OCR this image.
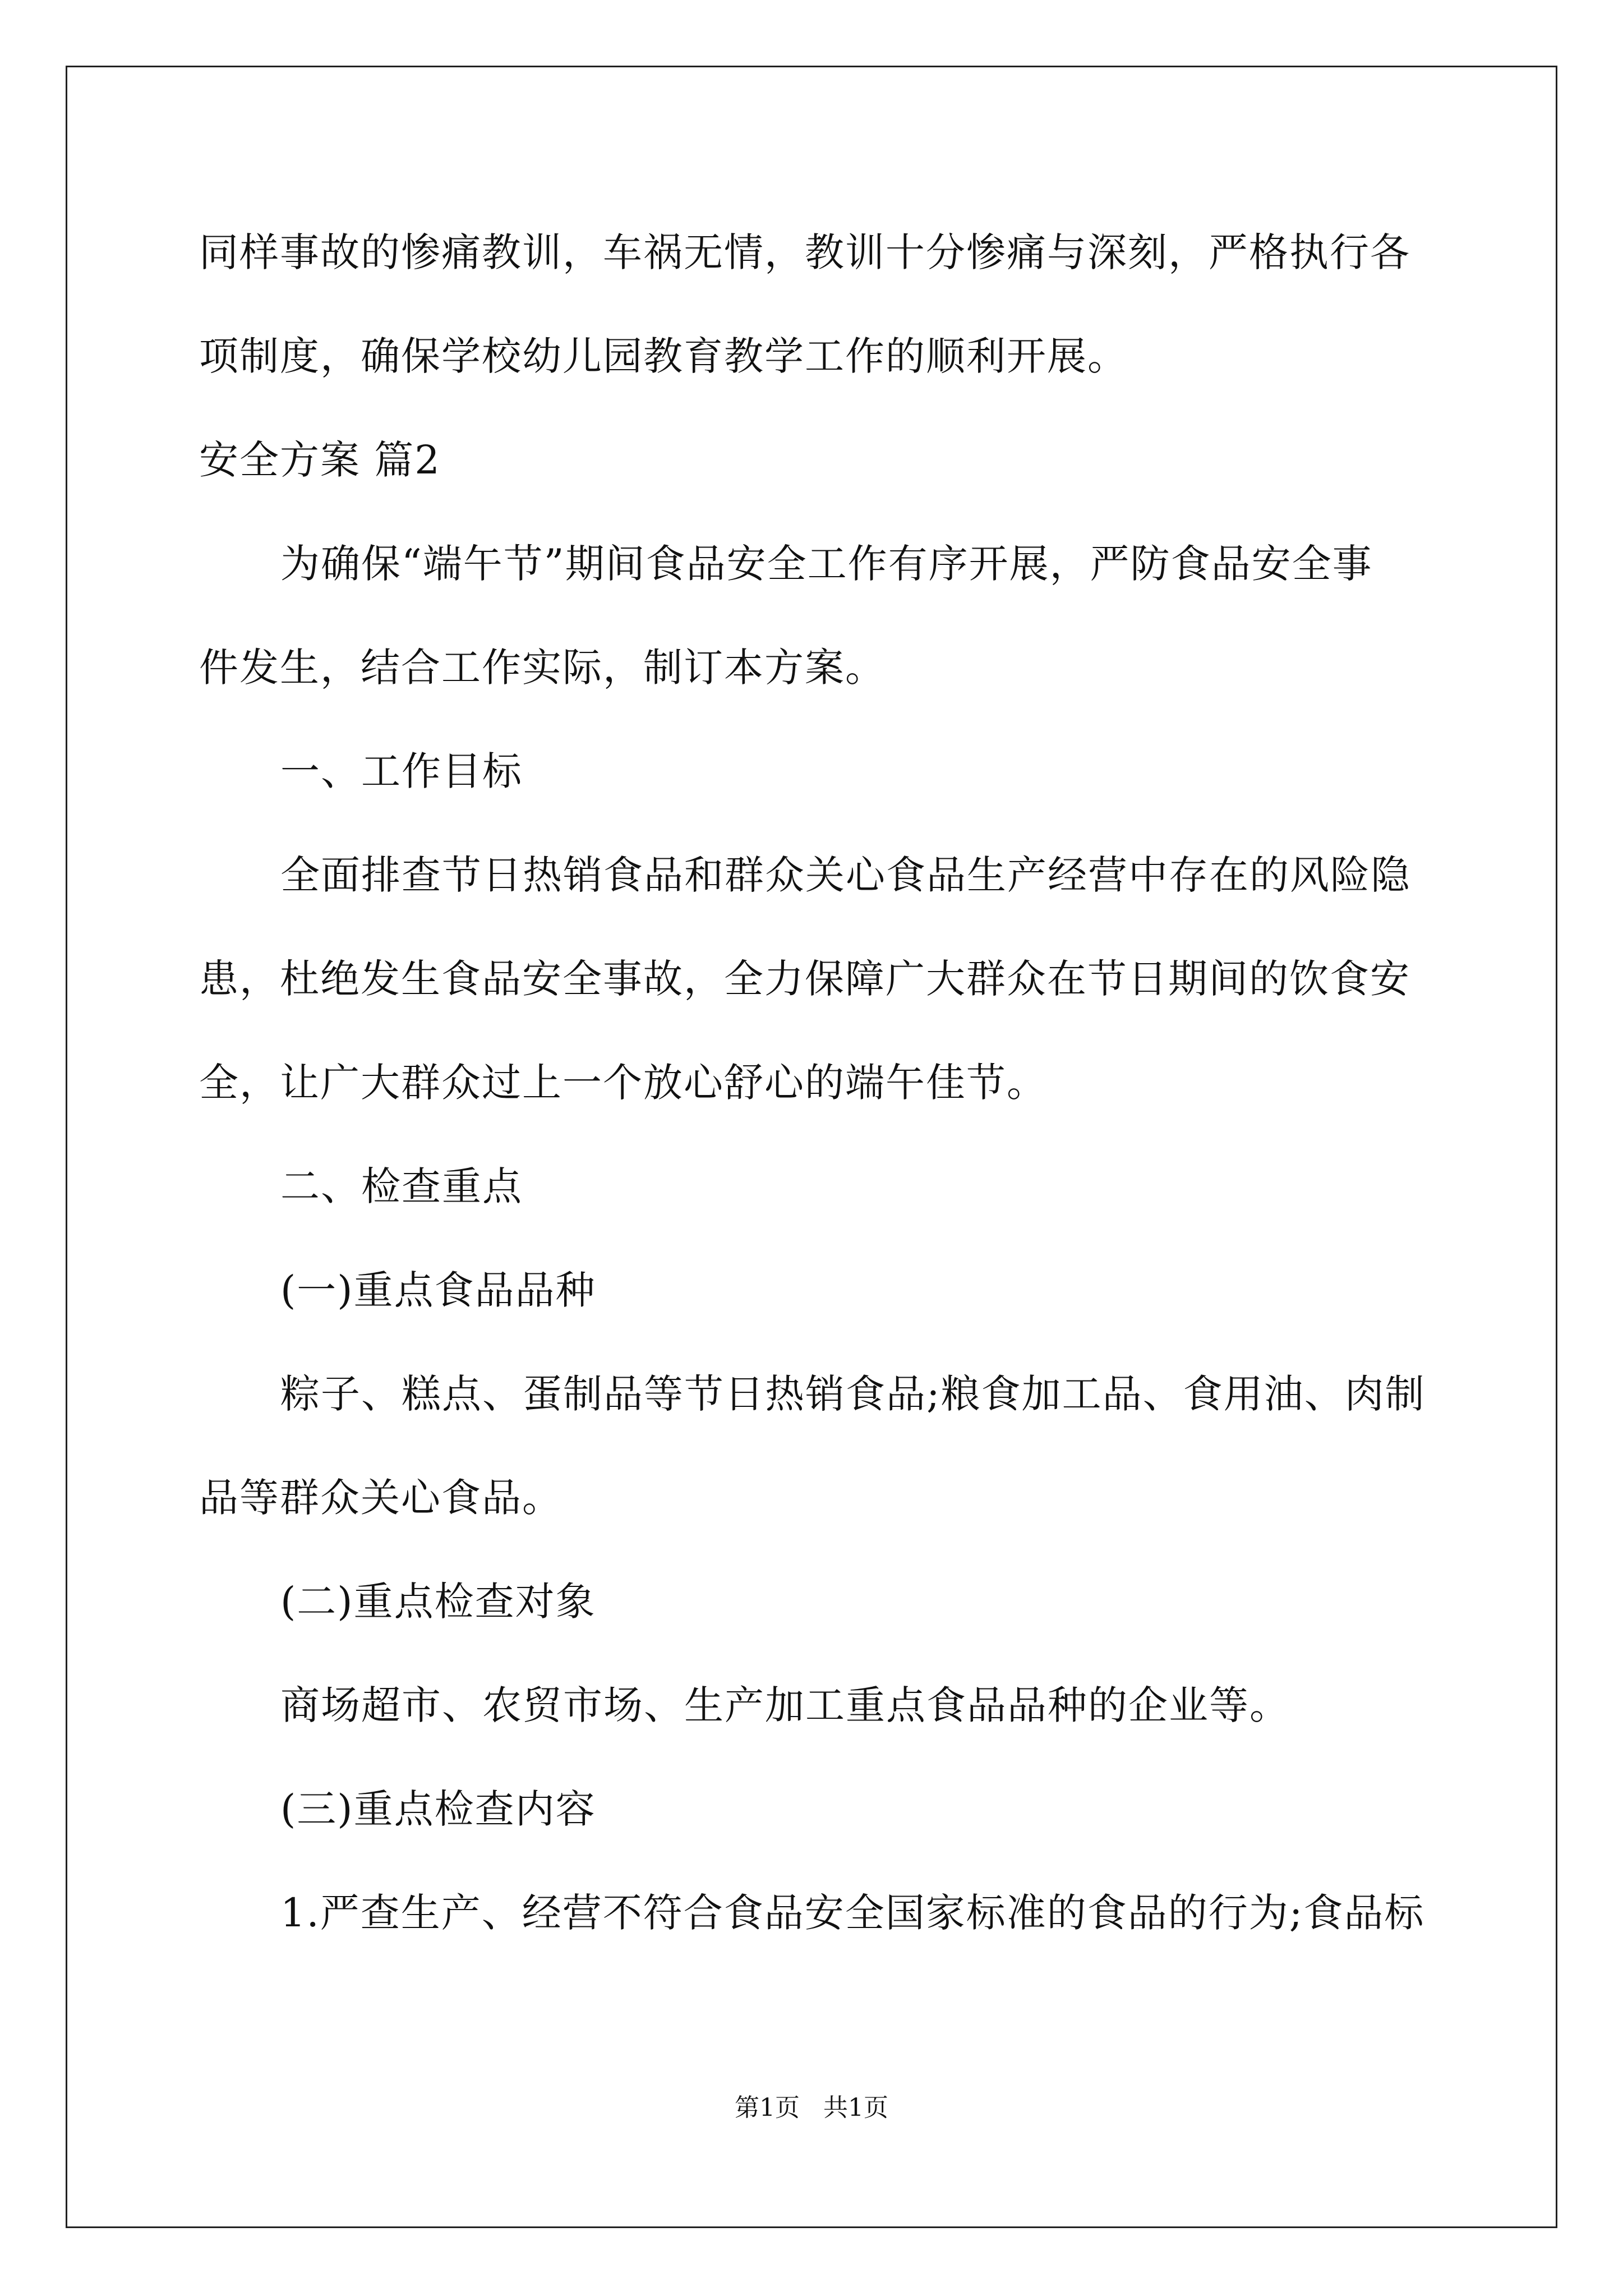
同样事故的惨痛教训，车祸无情，教训十分惨痛与深刻，严格执行各
项制度，确保学校幼儿园教育教学工作的顺利开展。
安全方案 篇2
为确保“端午节”期间食品安全工作有序开展，严防食品安全事
件发生，结合工作实际，制订本方案。
一、工作目标
全面排查节日热销食品和群众关心食品生产经营中存在的风险隐
患，杜绝发生食品安全事故，全力保障广大群众在节日期间的饮食安
全，让广大群众过上一个放心舒心的端午佳节。
二、检查重点
(一)重点食品品种
粽子、糕点、蛋制品等节日热销食品;粮食加工品、食用油、肉制
品等群众关心食品。
(二)重点检查对象
商场超市、农贸市场、生产加工重点食品品种的企业等。
(三)重点检查内容
1.严查生产、经营不符合食品安全国家标准的食品的行为;食品标
第1页   共1页
